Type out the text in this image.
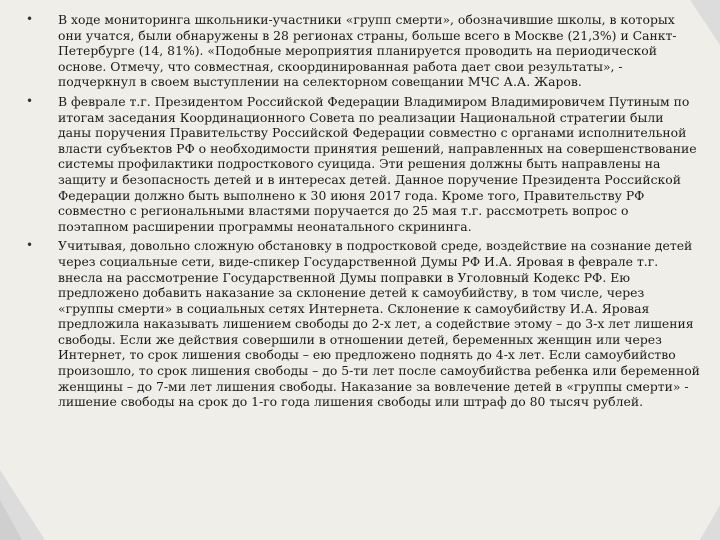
• В ходе мониторинга школьники-участники «групп смерти», обозначившие школы, в которых они учатся, были обнаружены в 28 регионах страны, больше всего в Москве (21,3%) и Санкт-Петербурге (14, 81%). «Подобные мероприятия планируется проводить на периодической основе. Отмечу, что совместная, скоординированная работа дает свои результаты», - подчеркнул в своем выступлении на селекторном совещании МЧС А.А. Жаров.

• В феврале т.г. Президентом Российской Федерации Владимиром Владимировичем Путиным по итогам заседания Координационного Совета по реализации Национальной стратегии были даны поручения Правительству Российской Федерации совместно с органами исполнительной власти субъектов РФ о необходимости принятия решений, направленных на совершенствование системы профилактики подросткового суицида. Эти решения должны быть направлены на защиту и безопасность детей и в интересах детей. Данное поручение Президента Российской Федерации должно быть выполнено к 30 июня 2017 года. Кроме того, Правительству РФ совместно с региональными властями поручается до 25 мая т.г. рассмотреть вопрос о поэтапном расширении программы неонатального скрининга.

• Учитывая, довольно сложную обстановку в подростковой среде, воздействие на сознание детей через социальные сети, виде-спикер Государственной Думы РФ И.А. Яровая в феврале т.г. внесла на рассмотрение Государственной Думы поправки в Уголовный Кодекс РФ. Ею предложено добавить наказание за склонение детей к самоубийству, в том числе, через «группы смерти» в социальных сетях Интернета. Склонение к самоубийству И.А. Яровая предложила наказывать лишением свободы до 2-х лет, а содействие этому – до 3-х лет лишения свободы. Если же действия совершили в отношении детей, беременных женщин или через Интернет, то срок лишения свободы – ею предложено поднять до 4-х лет. Если самоубийство произошло, то срок лишения свободы – до 5-ти лет после самоубийства ребенка или беременной женщины – до 7-ми лет лишения свободы. Наказание за вовлечение детей в «группы смерти» - лишение свободы на срок до 1-го года лишения свободы или штраф до 80 тысяч рублей.
